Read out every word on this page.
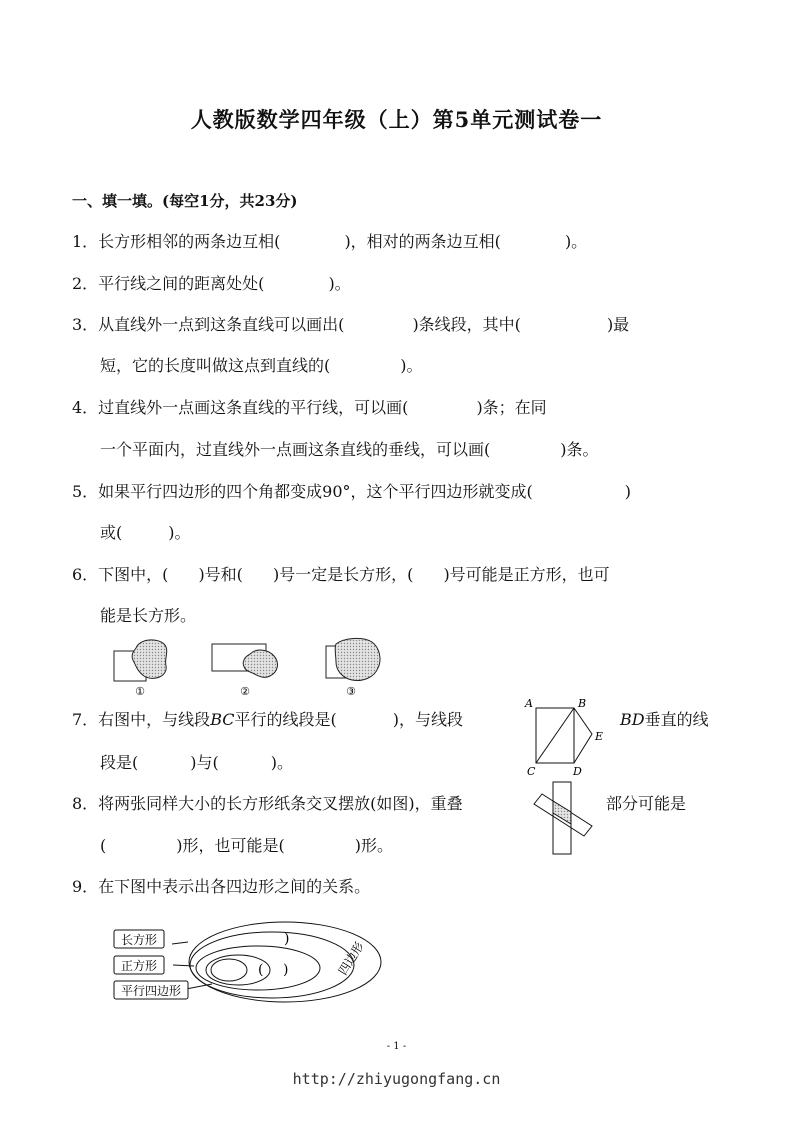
人教版数学四年级（上）第5单元测试卷一
一、填一填。(每空1分，共23分)
1．长方形相邻的两条边互相(	)，相对的两条边互相(	)。
2．平行线之间的距离处处(	)。
3．从直线外一点到这条直线可以画出(	)条线段，其中(	)最
短，它的长度叫做这点到直线的(	)。
4．过直线外一点画这条直线的平行线，可以画(	)条；在同
一个平面内，过直线外一点画这条直线的垂线，可以画(	)条。
5．如果平行四边形的四个角都变成90°，这个平行四边形就变成(	)
或(	)。
6．下图中，( )号和( )号一定是长方形，( )号可能是正方形，也可
能是长方形。
①	②	③
7．右图中，与线段BC平行的线段是(	)，与线段	BD垂直的线
段是(	)与(	)。
A	B
C	D
E
8．将两张同样大小的长方形纸条交叉摆放(如图)，重叠	部分可能是
(	)形，也可能是(	)形。
9．在下图中表示出各四边形之间的关系。
长方形
正方形
平行四边形
( )
)
四边形
- 1 -
http://zhiyugongfang.cn
